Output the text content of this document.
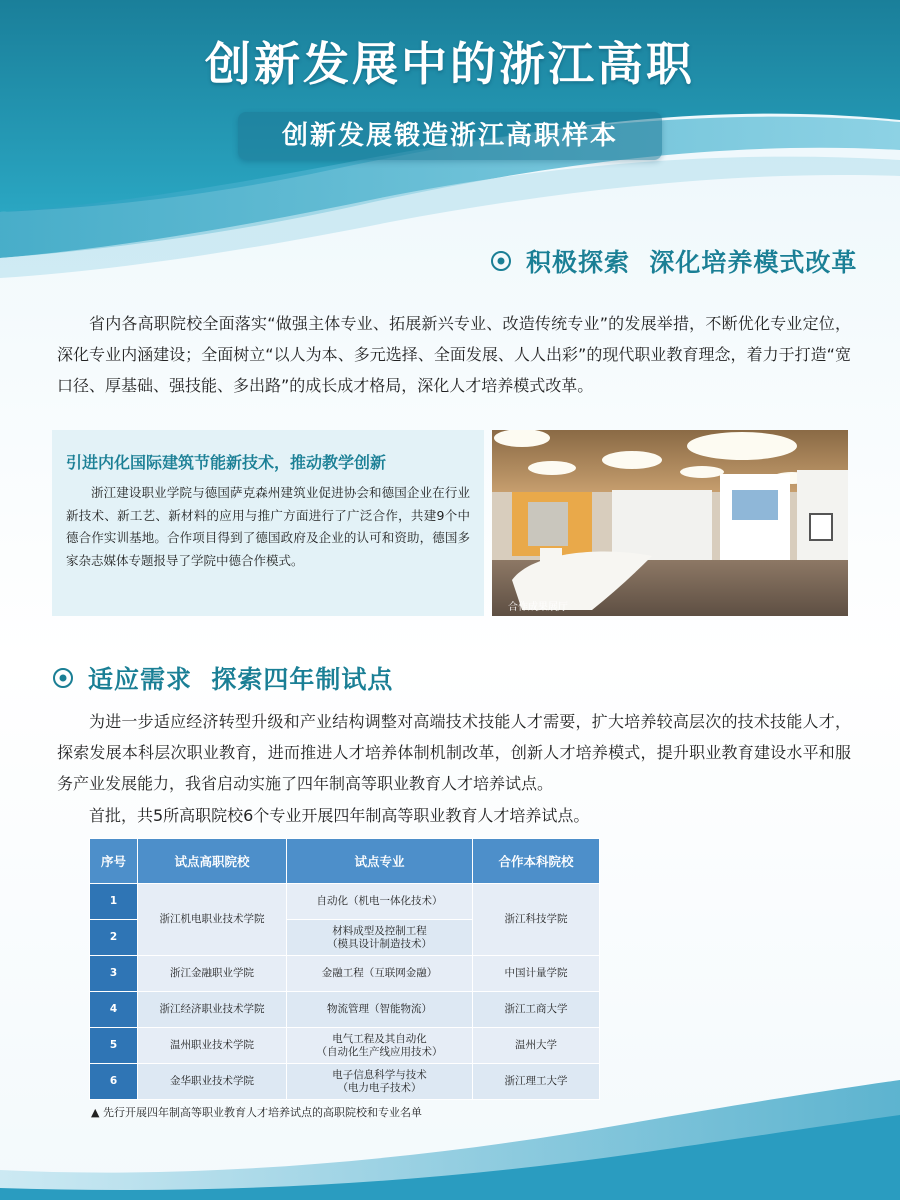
创新发展中的浙江高职
创新发展锻造浙江高职样本
积极探索  深化培养模式改革

省内各高职院校全面落实“做强主体专业、拓展新兴专业、改造传统专业”的发展举措，不断优化专业定位，深化专业内涵建设；全面树立“以人为本、多元选择、全面发展、人人出彩”的现代职业教育理念，着力于打造“宽口径、厚基础、强技能、多出路”的成长成才格局，深化人才培养模式改革。

引进内化国际建筑节能新技术，推动教学创新

浙江建设职业学院与德国萨克森州建筑业促进协会和德国企业在行业新技术、新工艺、新材料的应用与推广方面进行了广泛合作，共建9个中德合作实训基地。合作项目得到了德国政府及企业的认可和资助，德国多家杂志媒体专题报导了学院中德合作模式。

合作成果展厅
适应需求  探索四年制试点

为进一步适应经济转型升级和产业结构调整对高端技术技能人才需要，扩大培养较高层次的技术技能人才，探索发展本科层次职业教育，进而推进人才培养体制机制改革，创新人才培养模式，提升职业教育建设水平和服务产业发展能力，我省启动实施了四年制高等职业教育人才培养试点。

首批，共5所高职院校6个专业开展四年制高等职业教育人才培养试点。

序号	试点高职院校	试点专业	合作本科院校
1	浙江机电职业技术学院	自动化（机电一体化技术）	浙江科技学院
2		材料成型及控制工程
（模具设计制造技术）	
3	浙江金融职业学院	金融工程（互联网金融）	中国计量学院
4	浙江经济职业技术学院	物流管理（智能物流）	浙江工商大学
5	温州职业技术学院	电气工程及其自动化
（自动化生产线应用技术）	温州大学
6	金华职业技术学院	电子信息科学与技术
（电力电子技术）	浙江理工大学
▲ 先行开展四年制高等职业教育人才培养试点的高职院校和专业名单
